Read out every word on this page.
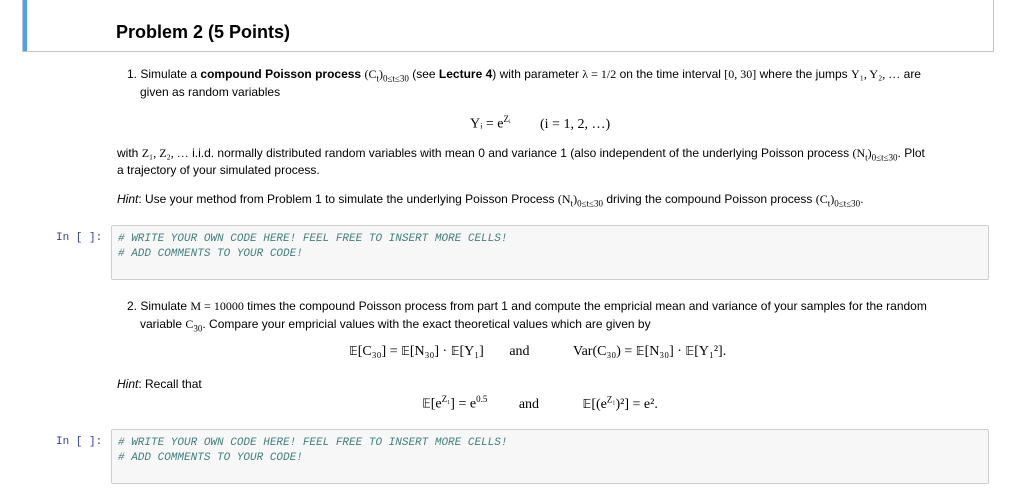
Problem 2 (5 Points)
1. Simulate a compound Poisson process $(C_t)_{0\le t\le 30}$ (see Lecture 4) with parameter λ = 1/2 on the time interval [0, 30] where the jumps Y₁, Y₂, … are
given as random variables
Yᵢ = $e^{Zᵢ}$ (i = 1, 2, …)
with Z₁, Z₂, … i.i.d. normally distributed random variables with mean 0 and variance 1 (also independent of the underlying Poisson process $(N_t)_{0\le t\le 30}$. Plot
a trajectory of your simulated process.
Hint: Use your method from Problem 1 to simulate the underlying Poisson Process $(N_t)_{0\le t\le 30}$ driving the compound Poisson process $(C_t)_{0\le t\le 30}$.
In [ ]: # WRITE YOUR OWN CODE HERE! FEEL FREE TO INSERT MORE CELLS!
# ADD COMMENTS TO YOUR CODE!
2. Simulate M = 10000 times the compound Poisson process from part 1 and compute the empricial mean and variance of your samples for the random
variable $C_{30}$. Compare your empricial values with the exact theoretical values which are given by
𝔼[C₃₀] = 𝔼[N₃₀] · 𝔼[Y₁] and	Var(C₃₀) = 𝔼[N₃₀] · 𝔼[Y₁²].
Hint: Recall that
$𝔼[e^{Z_1}] = e^{0.5}$ and	$𝔼[(e^{Z_1})^2] = e^2$.
In [ ]: # WRITE YOUR OWN CODE HERE! FEEL FREE TO INSERT MORE CELLS!
# ADD COMMENTS TO YOUR CODE!
